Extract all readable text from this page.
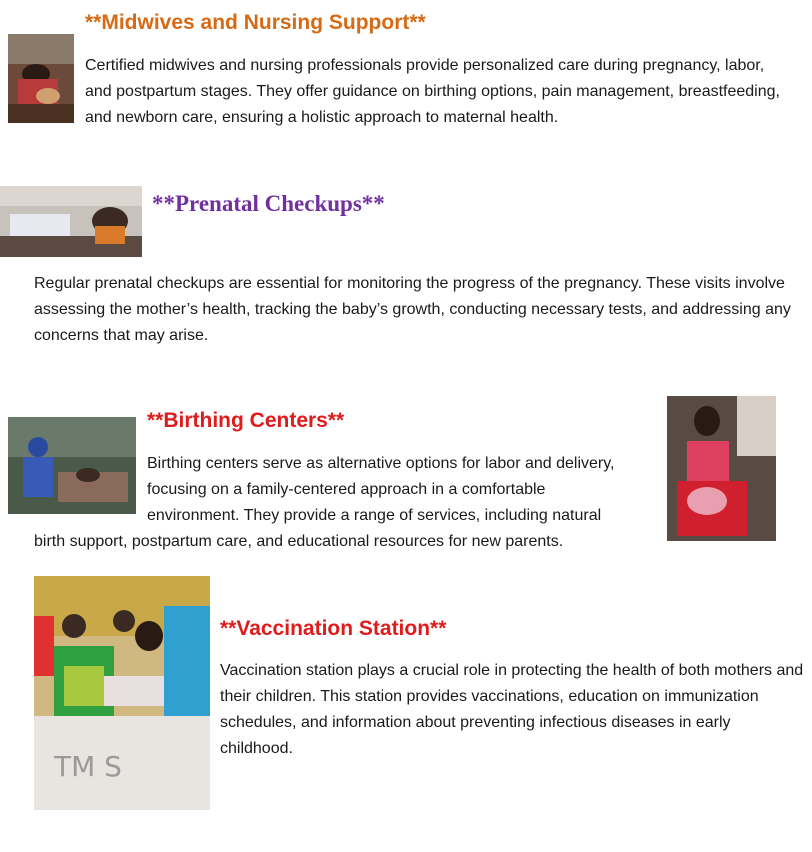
**Midwives and Nursing Support**
Certified midwives and nursing professionals provide personalized care during pregnancy, labor, and postpartum stages. They offer guidance on birthing options, pain management, breastfeeding, and newborn care, ensuring a holistic approach to maternal health.
**Prenatal Checkups**
Regular prenatal checkups are essential for monitoring the progress of the pregnancy. These visits involve assessing the mother’s health, tracking the baby’s growth, conducting necessary tests, and addressing any concerns that may arise.
**Birthing Centers**
Birthing centers serve as alternative options for labor and delivery,
focusing on a family-centered approach in a comfortable
environment. They provide a range of services, including natural
birth support, postpartum care, and educational resources for new parents.
TM S
**Vaccination Station**
Vaccination station plays a crucial role in protecting the health of both mothers and their children. This station provides vaccinations, education on immunization schedules, and information about preventing infectious diseases in early childhood.
